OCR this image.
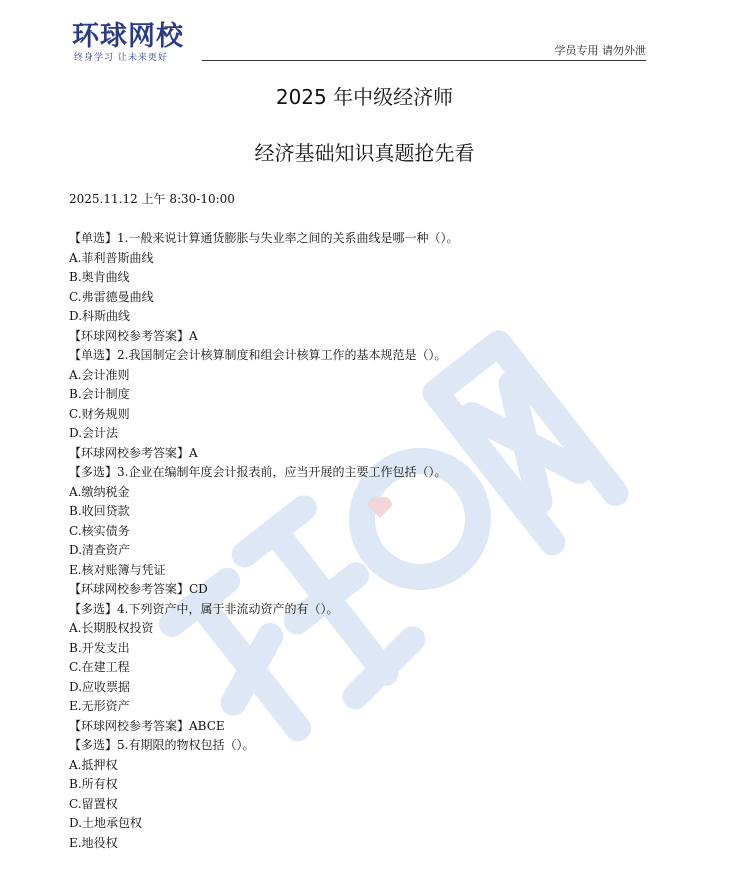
环球网校
终身学习 让未来更好
学员专用 请勿外泄
2025 年中级经济师
经济基础知识真题抢先看
2025.11.12 上午 8:30-10:00
【单选】1.一般来说计算通货膨胀与失业率之间的关系曲线是哪一种（）。
A.菲利普斯曲线
B.奥肯曲线
C.弗雷德曼曲线
D.科斯曲线
【环球网校参考答案】A
【单选】2.我国制定会计核算制度和组会计核算工作的基本规范是（）。
A.会计准则
B.会计制度
C.财务规则
D.会计法
【环球网校参考答案】A
【多选】3.企业在编制年度会计报表前，应当开展的主要工作包括（）。
A.缴纳税金
B.收回贷款
C.核实债务
D.清查资产
E.核对账簿与凭证
【环球网校参考答案】CD
【多选】4.下列资产中，属于非流动资产的有（）。
A.长期股权投资
B.开发支出
C.在建工程
D.应收票据
E.无形资产
【环球网校参考答案】ABCE
【多选】5.有期限的物权包括（）。
A.抵押权
B.所有权
C.留置权
D.土地承包权
E.地役权
